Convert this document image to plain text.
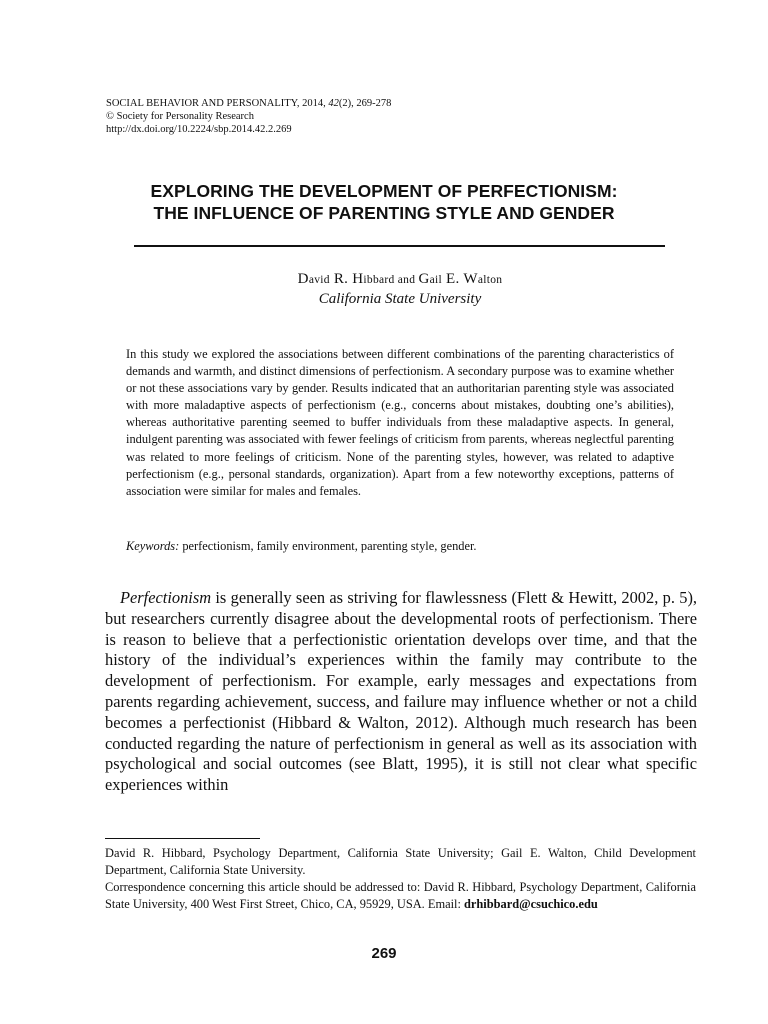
SOCIAL BEHAVIOR AND PERSONALITY, 2014, 42(2), 269-278
© Society for Personality Research
http://dx.doi.org/10.2224/sbp.2014.42.2.269
EXPLORING THE DEVELOPMENT OF PERFECTIONISM:
THE INFLUENCE OF PARENTING STYLE AND GENDER
David R. Hibbard and Gail E. Walton
California State University
In this study we explored the associations between different combinations of the parenting characteristics of demands and warmth, and distinct dimensions of perfectionism. A secondary purpose was to examine whether or not these associations vary by gender. Results indicated that an authoritarian parenting style was associated with more maladaptive aspects of perfectionism (e.g., concerns about mistakes, doubting one’s abilities), whereas authoritative parenting seemed to buffer individuals from these maladaptive aspects. In general, indulgent parenting was associated with fewer feelings of criticism from parents, whereas neglectful parenting was related to more feelings of criticism. None of the parenting styles, however, was related to adaptive perfectionism (e.g., personal standards, organization). Apart from a few noteworthy exceptions, patterns of association were similar for males and females.
Keywords: perfectionism, family environment, parenting style, gender.

Perfectionism is generally seen as striving for flawlessness (Flett & Hewitt, 2002, p. 5), but researchers currently disagree about the developmental roots of perfectionism. There is reason to believe that a perfectionistic orientation develops over time, and that the history of the individual’s experiences within the family may contribute to the development of perfectionism. For example, early messages and expectations from parents regarding achievement, success, and failure may influence whether or not a child becomes a perfectionist (Hibbard & Walton, 2012). Although much research has been conducted regarding the nature of perfectionism in general as well as its association with psychological and social outcomes (see Blatt, 1995), it is still not clear what specific experiences within

David R. Hibbard, Psychology Department, California State University; Gail E. Walton, Child Development Department, California State University.

Correspondence concerning this article should be addressed to: David R. Hibbard, Psychology Department, California State University, 400 West First Street, Chico, CA, 95929, USA. Email: drhibbard@csuchico.edu

269
